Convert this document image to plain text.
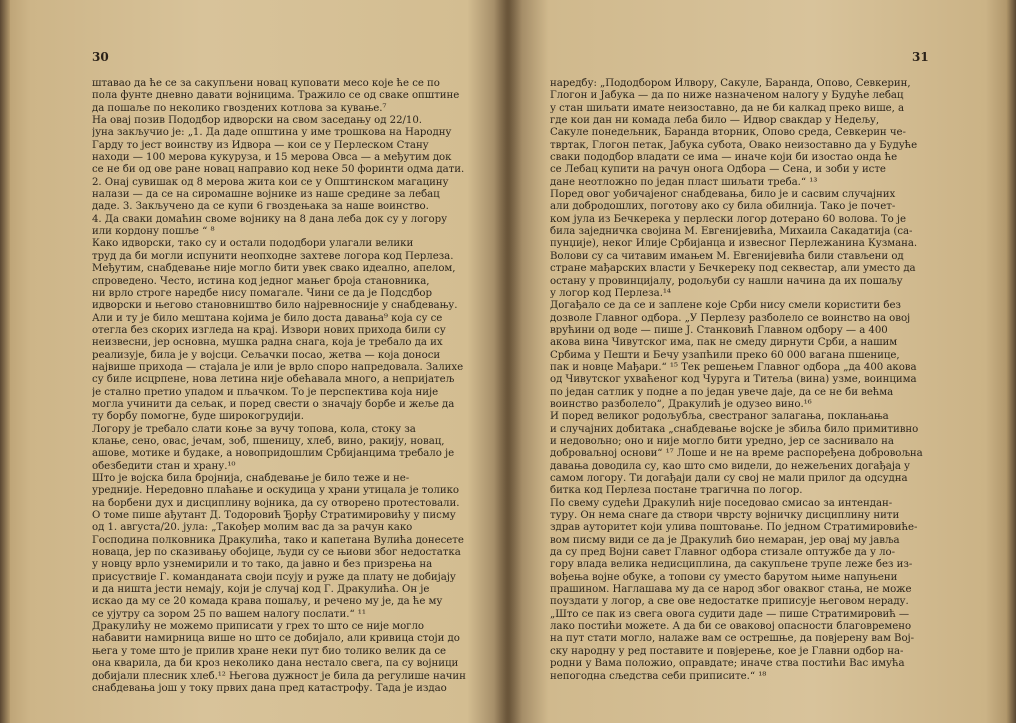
30
штавао да ће се за сакупљени новац куповати месо које ће се по
пола фунте дневно давати војницима. Тражило се од сваке општине
да пошаље по неколико гвоздених котлова за кување.⁷
На овај позив Пододбор идворски на свом заседању од 22/10.
јуна закључио је: „1. Да даде општина у име трошкова на Народну
Гарду то јест воинству из Идвора — кои се у Перлеском Стану
находи — 100 мерова кукуруза, и 15 мерова Овса — а међутим док
се не би од ове ране новац направио код неке 50 форинти одма дати.
2. Онај сувишак од 8 мерова жита кои се у Општинском магацину
налази — да се на сиромашне војнике из наше средине за лебац
даде. 3. Закључено да се купи 6 гвоздењака за наше воинство.
4. Да сваки домаћин своме војнику на 8 дана леба док су у логору
или кордону пошље “ ⁸
Како идворски, тако су и остали пододбори улагали велики
труд да би могли испунити неопходне захтеве логора код Перлеза.
Међутим, снабдевање није могло бити увек свако идеално, апелом,
спроведено. Често, истина код једног мањег броја становника,
ни врло строге наредбе нису помагале. Чини се да је Подсдбор
идворски и његово становништво било најревносније у снабдевању.
Али и ту је било мештана којима је било доста давања⁹ која су се
отегла без скорих изгледа на крај. Извори нових прихода били су
неизвесни, јер основна, мушка радна снага, која је требало да их
реализује, била је у војсци. Сељачки посао, жетва — која доноси
највише прихода — стајала је или је врло споро напредовала. Залихе
су биле исцрпене, нова летина није обећавала много, а непријатељ
је стално претио упадом и пљачком. То је перспектива која није
могла учинити да сељак, и поред свести о значају борбе и жеље да
ту борбу помогне, буде широкогрудији.
Логору је требало слати коње за вучу топова, кола, стоку за
клање, сено, овас, јечам, зоб, пшеницу, хлеб, вино, ракију, новац,
ашове, мотике и будаке, а новопридошлим Србијанцима требало је
обезбедити стан и храну.¹⁰
Што је војска била бројнија, снабдевање је било теже и не-
уредније. Нередовно плаћање и оскудица у храни утицала је толико
на борбени дух и дисциплину војника, да су отворено протестовали.
О томе пише ађутант Д. Тодоровић Ђорђу Стратимировићу у писму
од 1. августа/20. јула: „Такођер молим вас да за рачун како
Господина полковника Дракулића, тако и капетана Вулића донесете
новаца, јер по сказивању обојице, људи су се њиови због недостатка
у новцу врло узнемирили и то тако, да јавно и без призрења на
присуствије Г. команданата своји псују и руже да плату не добијају
и да ништа јести немају, који је случај код Г. Дракулића. Он је
искао да му се 20 комада крава пошаљу, и речено му је, да ће му
се ујутру са зором 25 по вашем налогу послати.“ ¹¹
Дракулићу не можемо приписати у грех то што се није могло
набавити намирница више но што се добијало, али кривица стоји до
њега у томе што је прилив хране неки пут био толико велик да се
она кварила, да би кроз неколико дана нестало свега, па су војници
добијали плесник хлеб.¹² Његова дужност је била да регулише начин
снабдевања још у току првих дана пред катастрофу. Тада је издао
31
наредбу: „Пододбором Илвору, Сакуле, Баранда, Опово, Севкерин,
Глогон и Јабука — да по ниже назначеном налогу у Будуће лебац
у стан шиљати имате неизоставно, да не би калкад преко више, а
где кои дан ни комада леба било — Идвор свакдар у Недељу,
Сакуле понедељник, Баранда вторник, Опово среда, Севкерин че-
твртак, Глогон петак, Јабука субота, Овако неизоставно да у Будуће
сваки пододбор владати се има — иначе који би изостао онда ће
се Лебац купити на рачун онога Одбора — Сена, и зоби у исте
дане неотложно по један пласт шиљати треба.“ ¹³
Поред овог уобичајеног снабдевања, било је и сасвим случајних
али добродошлих, поготову ако су била обилнија. Тако је почет-
ком јула из Бечкерека у перлески логор дотерано 60 волова. То је
била заједничка својина М. Евгенијевића, Михаила Сакадатија (са-
пунџије), неког Илије Србијанца и извесног Перлежанина Кузмана.
Волови су са читавим имањем М. Евгенијевића били стављени од
стране мађарских власти у Бечкереку под секвестар, али уместо да
остану у провинцијалу, родољуби су нашли начина да их пошаљу
у логор код Перлеза.¹⁴
Догађало се да се и заплене које Срби нису смели користити без
дозволе Главног одбора. „У Перлезу разболело се воинство на овој
врућини од воде — пише Ј. Станковић Главном одбору — а 400
акова вина Чивутског има, пак не смеду дирнути Срби, а нашим
Србима у Пешти и Бечу узапћили преко 60 000 вагана пшенице,
пак и новце Мађари.“ ¹⁵ Тек решењем Главног одбора „да 400 акова
од Чивутског ухваћеног код Чуруга и Титеља (вина) узме, воинцима
по један сатлик у подне а по један увече даје, да се не би већма
воинство разболело“, Дракулић је одузео вино.¹⁶
И поред великог родољубља, свестраног залагања, поклањања
и случајних добитака „снабдевање војске је збиља било примитивно
и недовољно; оно и није могло бити уредно, јер се заснивало на
доброваљној основи“ ¹⁷ Лоше и не на време распоређена добровољна
давања доводила су, као што смо видели, до нежељених догађаја у
самом логору. Ти догађаји дали су свој не мали прилог да одсудна
битка код Перлеза постане трагична по логор.
По свему судећи Дракулић није поседовао смисао за интендан-
туру. Он нема снаге да створи чврсту војничку дисциплину нити
здрав ауторитет који улива поштовање. По једном Стратимировиће-
вом писму види се да је Дракулић био немаран, јер овај му јавља
да су пред Војни савет Главног одбора стизале оптужбе да у ло-
гору влада велика недисциплина, да сакупљене трупе леже без из-
вођења војне обуке, а топови су уместо барутом њиме напуњени
прашином. Наглашава му да се народ због оваквог стања, не може
поуздати у логор, а све ове недостатке приписује његовом нераду.
„Што се пак из свега овога судити даде — пише Стратимировић —
лако постићи можете. А да би се оваковој опасности благовремено
на пут стати могло, налаже вам се острешње, да повјерену вам Вој-
ску народну у ред поставите и повјерење, кое је Главни одбор на-
родни у Вама положио, оправдате; иначе ства постићи Вас имућа
непогодна сљедства себи приписите.“ ¹⁸
